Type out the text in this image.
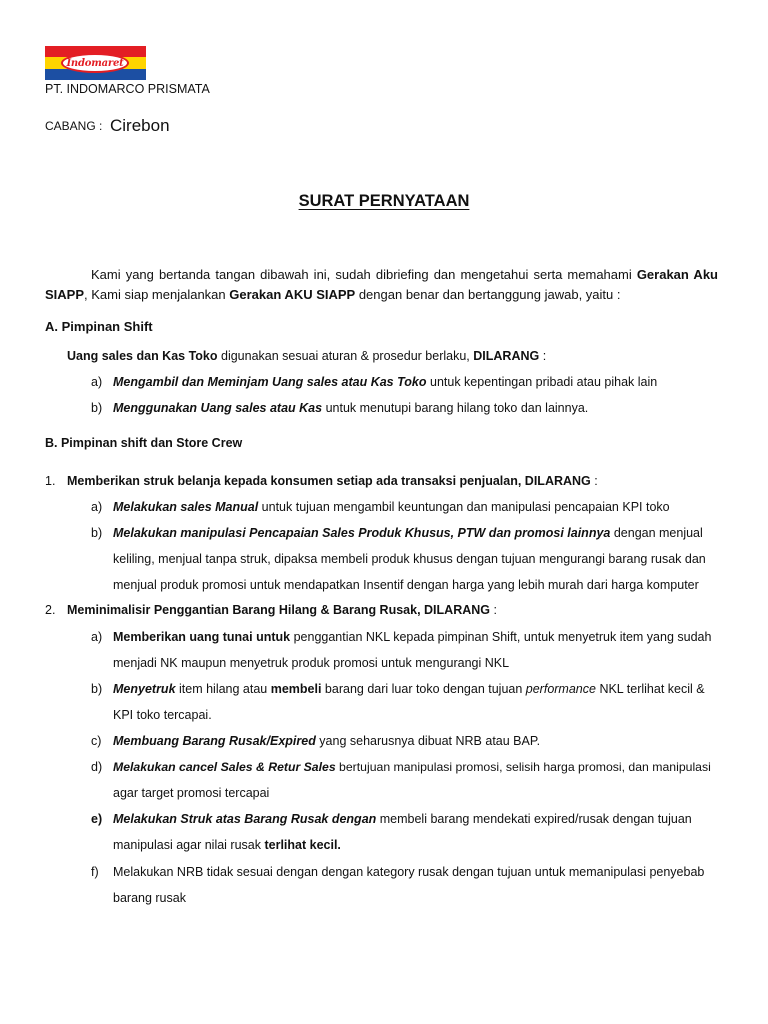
Indomaret
PT. INDOMARCO PRISMATA
CABANG : Cirebon
SURAT PERNYATAAN
Kami yang bertanda tangan dibawah ini, sudah dibriefing dan mengetahui serta memahami Gerakan Aku SIAPP, Kami siap menjalankan Gerakan AKU SIAPP dengan benar dan bertanggung jawab, yaitu :
A. Pimpinan Shift
Uang sales dan Kas Toko digunakan sesuai aturan & prosedur berlaku, DILARANG :
a) Mengambil dan Meminjam Uang sales atau Kas Toko untuk kepentingan pribadi atau pihak lain
b) Menggunakan Uang sales atau Kas untuk menutupi barang hilang toko dan lainnya.
B. Pimpinan shift dan Store Crew
1. Memberikan struk belanja kepada konsumen setiap ada transaksi penjualan, DILARANG :
a) Melakukan sales Manual untuk tujuan mengambil keuntungan dan manipulasi pencapaian KPI toko
b) Melakukan manipulasi Pencapaian Sales Produk Khusus, PTW dan promosi lainnya dengan menjual
keliling, menjual tanpa struk, dipaksa membeli produk khusus dengan tujuan mengurangi barang rusak dan
menjual produk promosi untuk mendapatkan Insentif dengan harga yang lebih murah dari harga komputer
2. Meminimalisir Penggantian Barang Hilang & Barang Rusak, DILARANG :
a) Memberikan uang tunai untuk penggantian NKL kepada pimpinan Shift, untuk menyetruk item yang sudah
menjadi NK maupun menyetruk produk promosi untuk mengurangi NKL
b) Menyetruk item hilang atau membeli barang dari luar toko dengan tujuan performance NKL terlihat kecil &
KPI toko tercapai.
c) Membuang Barang Rusak/Expired yang seharusnya dibuat NRB atau BAP.
d) Melakukan cancel Sales & Retur Sales bertujuan manipulasi promosi, selisih harga promosi, dan manipulasi
agar target promosi tercapai
e) Melakukan Struk atas Barang Rusak dengan membeli barang mendekati expired/rusak dengan tujuan
manipulasi agar nilai rusak terlihat kecil.
f) Melakukan NRB tidak sesuai dengan dengan kategory rusak dengan tujuan untuk memanipulasi penyebab
barang rusak
